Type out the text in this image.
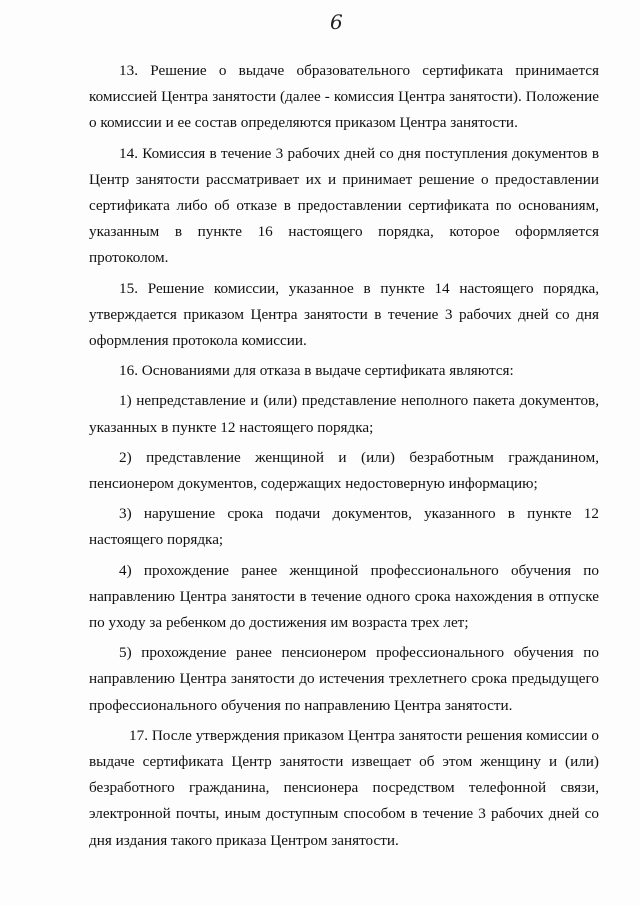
6

13. Решение о выдаче образовательного сертификата принимается комиссией Центра занятости (далее - комиссия Центра занятости). Положение о комиссии и ее состав определяются приказом Центра занятости.

14. Комиссия в течение 3 рабочих дней со дня поступления документов в Центр занятости рассматривает их и принимает решение о предоставлении сертификата либо об отказе в предоставлении сертификата по основаниям, указанным в пункте 16 настоящего порядка, которое оформляется протоколом.

15. Решение комиссии, указанное в пункте 14 настоящего порядка, утверждается приказом Центра занятости в течение 3 рабочих дней со дня оформления протокола комиссии.

16. Основаниями для отказа в выдаче сертификата являются:

1) непредставление и (или) представление неполного пакета документов, указанных в пункте 12 настоящего порядка;

2) представление женщиной и (или) безработным гражданином, пенсионером документов, содержащих недостоверную информацию;

3) нарушение срока подачи документов, указанного в пункте 12 настоящего порядка;

4) прохождение ранее женщиной профессионального обучения по направлению Центра занятости в течение одного срока нахождения в отпуске по уходу за ребенком до достижения им возраста трех лет;

5) прохождение ранее пенсионером профессионального обучения по направлению Центра занятости до истечения трехлетнего срока предыдущего профессионального обучения по направлению Центра занятости.

17. После утверждения приказом Центра занятости решения комиссии о выдаче сертификата Центр занятости извещает об этом женщину и (или) безработного гражданина, пенсионера посредством телефонной связи, электронной почты, иным доступным способом в течение 3 рабочих дней со дня издания такого приказа Центром занятости.
